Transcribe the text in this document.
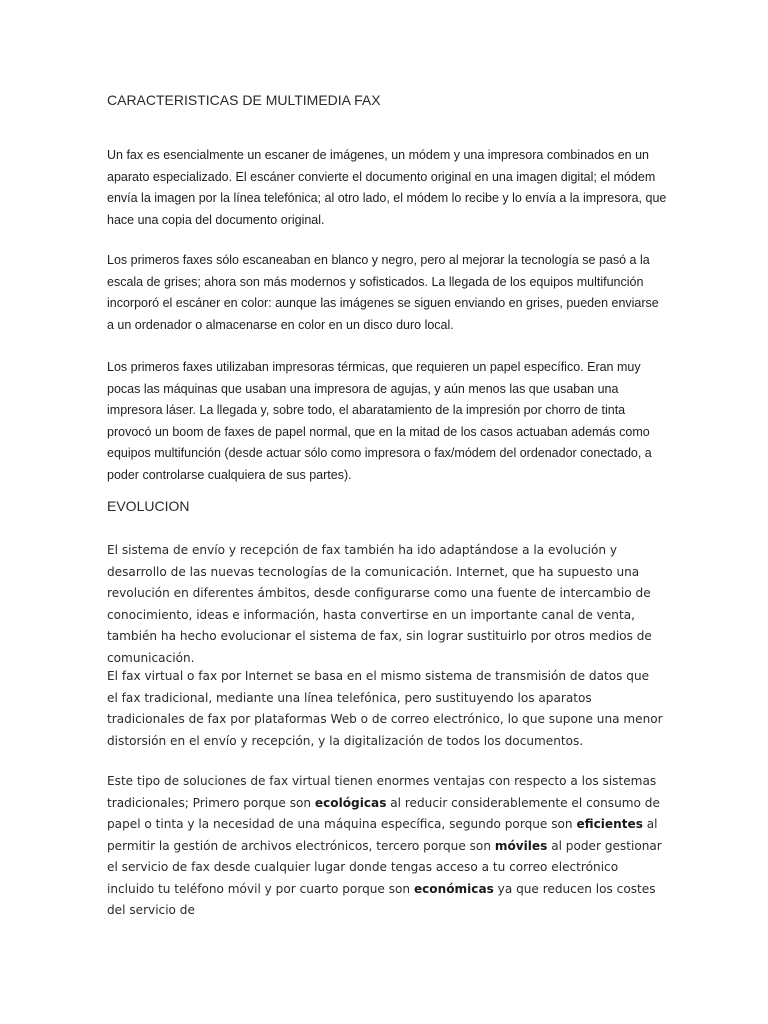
CARACTERISTICAS DE MULTIMEDIA FAX

Un fax es esencialmente un escaner de imágenes, un módem y una impresora combinados en un aparato especializado. El escáner convierte el documento original en una imagen digital; el módem envía la imagen por la línea telefónica; al otro lado, el módem lo recibe y lo envía a la impresora, que hace una copia del documento original.

Los primeros faxes sólo escaneaban en blanco y negro, pero al mejorar la tecnología se pasó a la escala de grises; ahora son más modernos y sofisticados. La llegada de los equipos multifunción incorporó el escáner en color: aunque las imágenes se siguen enviando en grises, pueden enviarse a un ordenador o almacenarse en color en un disco duro local.

Los primeros faxes utilizaban impresoras térmicas, que requieren un papel específico. Eran muy pocas las máquinas que usaban una impresora de agujas, y aún menos las que usaban una impresora láser. La llegada y, sobre todo, el abaratamiento de la impresión por chorro de tinta provocó un boom de faxes de papel normal, que en la mitad de los casos actuaban además como equipos multifunción (desde actuar sólo como impresora o fax/módem del ordenador conectado, a poder controlarse cualquiera de sus partes).

EVOLUCION

El sistema de envío y recepción de fax también ha ido adaptándose a la evolución y desarrollo de las nuevas tecnologías de la comunicación. Internet, que ha supuesto una revolución en diferentes ámbitos, desde configurarse como una fuente de intercambio de conocimiento, ideas e información, hasta convertirse en un importante canal de venta, también ha hecho evolucionar el sistema de fax, sin lograr sustituirlo por otros medios de comunicación.

El fax virtual o fax por Internet se basa en el mismo sistema de transmisión de datos que el fax tradicional, mediante una línea telefónica, pero sustituyendo los aparatos tradicionales de fax por plataformas Web o de correo electrónico, lo que supone una menor distorsión en el envío y recepción, y la digitalización de todos los documentos.

Este tipo de soluciones de fax virtual tienen enormes ventajas con respecto a los sistemas tradicionales; Primero porque son ecológicas al reducir considerablemente el consumo de papel o tinta y la necesidad de una máquina específica, segundo porque son eficientes al permitir la gestión de archivos electrónicos, tercero porque son móviles al poder gestionar el servicio de fax desde cualquier lugar donde tengas acceso a tu correo electrónico incluido tu teléfono móvil y por cuarto porque son económicas ya que reducen los costes del servicio de
